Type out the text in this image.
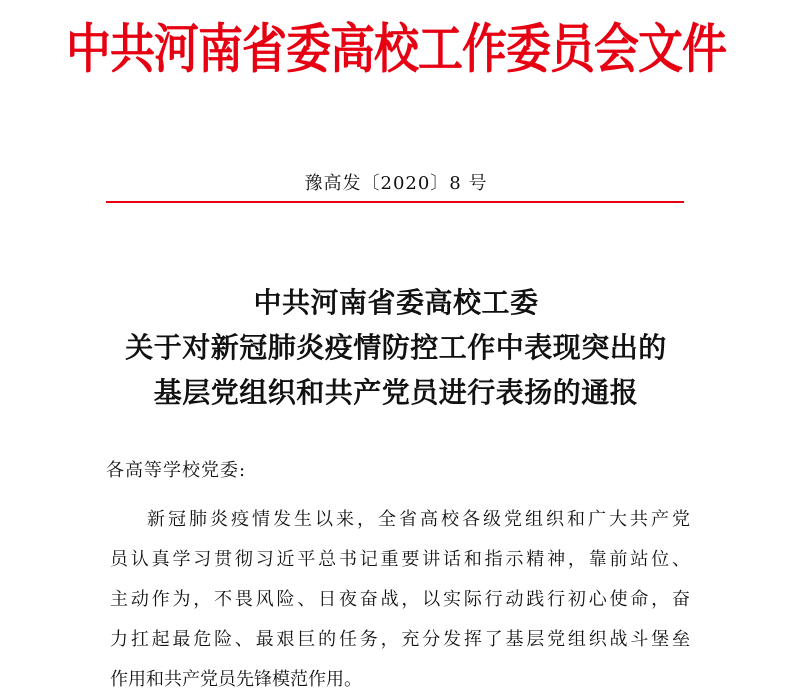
中共河南省委高校工作委员会文件
豫高发〔2020〕8 号
中共河南省委高校工委
关于对新冠肺炎疫情防控工作中表现突出的
基层党组织和共产党员进行表扬的通报
各高等学校党委:
新冠肺炎疫情发生以来，全省高校各级党组织和广大共产党
员认真学习贯彻习近平总书记重要讲话和指示精神，靠前站位、
主动作为，不畏风险、日夜奋战，以实际行动践行初心使命，奋
力扛起最危险、最艰巨的任务，充分发挥了基层党组织战斗堡垒
作用和共产党员先锋模范作用。
